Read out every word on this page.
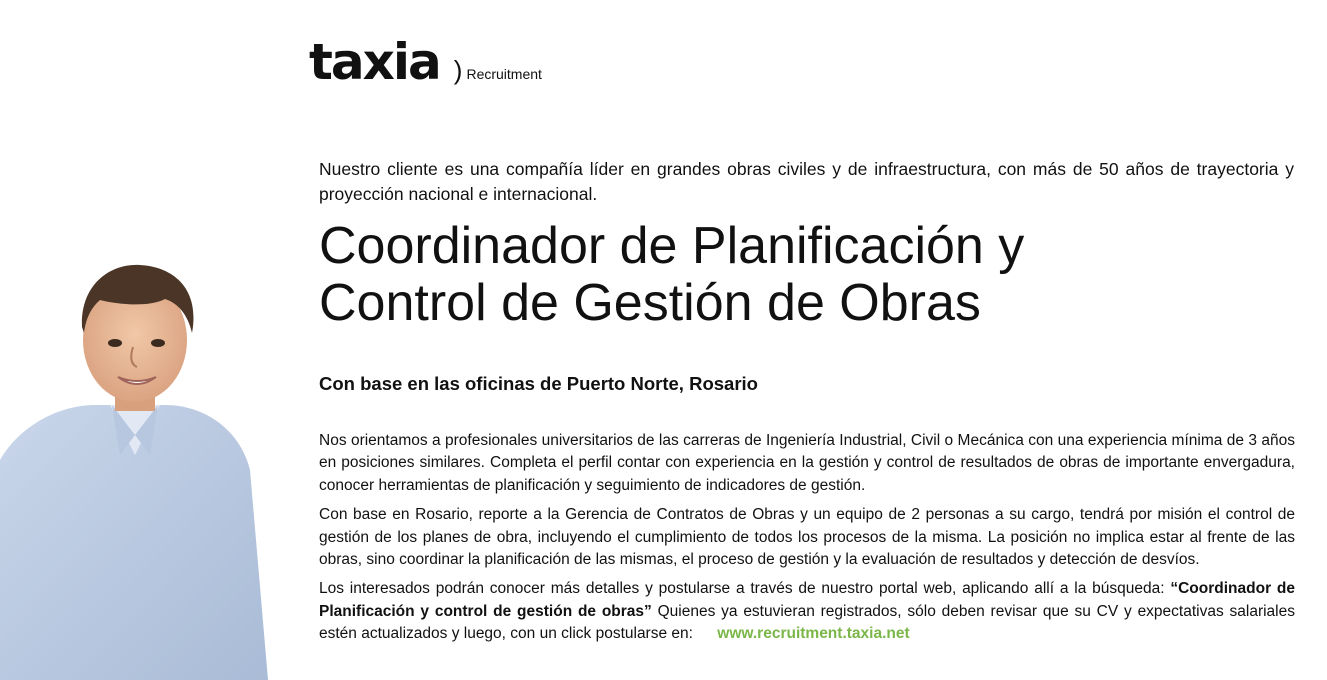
taxia ) Recruitment

Nuestro cliente es una compañía líder en grandes obras civiles y de infraestructura, con más de 50 años de trayectoria y proyección nacional e internacional.

Coordinador de Planificación y
Control de Gestión de Obras

Con base en las oficinas de Puerto Norte, Rosario

Nos orientamos a profesionales universitarios de las carreras de Ingeniería Industrial, Civil o Mecánica con una experiencia mínima de 3 años en posiciones similares. Completa el perfil contar con experiencia en la gestión y control de resultados de obras de importante envergadura, conocer herramientas de planificación y seguimiento de indicadores de gestión.

Con base en Rosario, reporte a la Gerencia de Contratos de Obras y un equipo de 2 personas a su cargo, tendrá por misión el control de gestión de los planes de obra, incluyendo el cumplimiento de todos los procesos de la misma. La posición no implica estar al frente de las obras, sino coordinar la planificación de las mismas, el proceso de gestión y la evaluación de resultados y detección de desvíos.

Los interesados podrán conocer más detalles y postularse a través de nuestro portal web, aplicando allí a la búsqueda: “Coordinador de Planificación y control de gestión de obras” Quienes ya estuvieran registrados, sólo deben revisar que su CV y expectativas salariales estén actualizados y luego, con un click postularse en: www.recruitment.taxia.net
